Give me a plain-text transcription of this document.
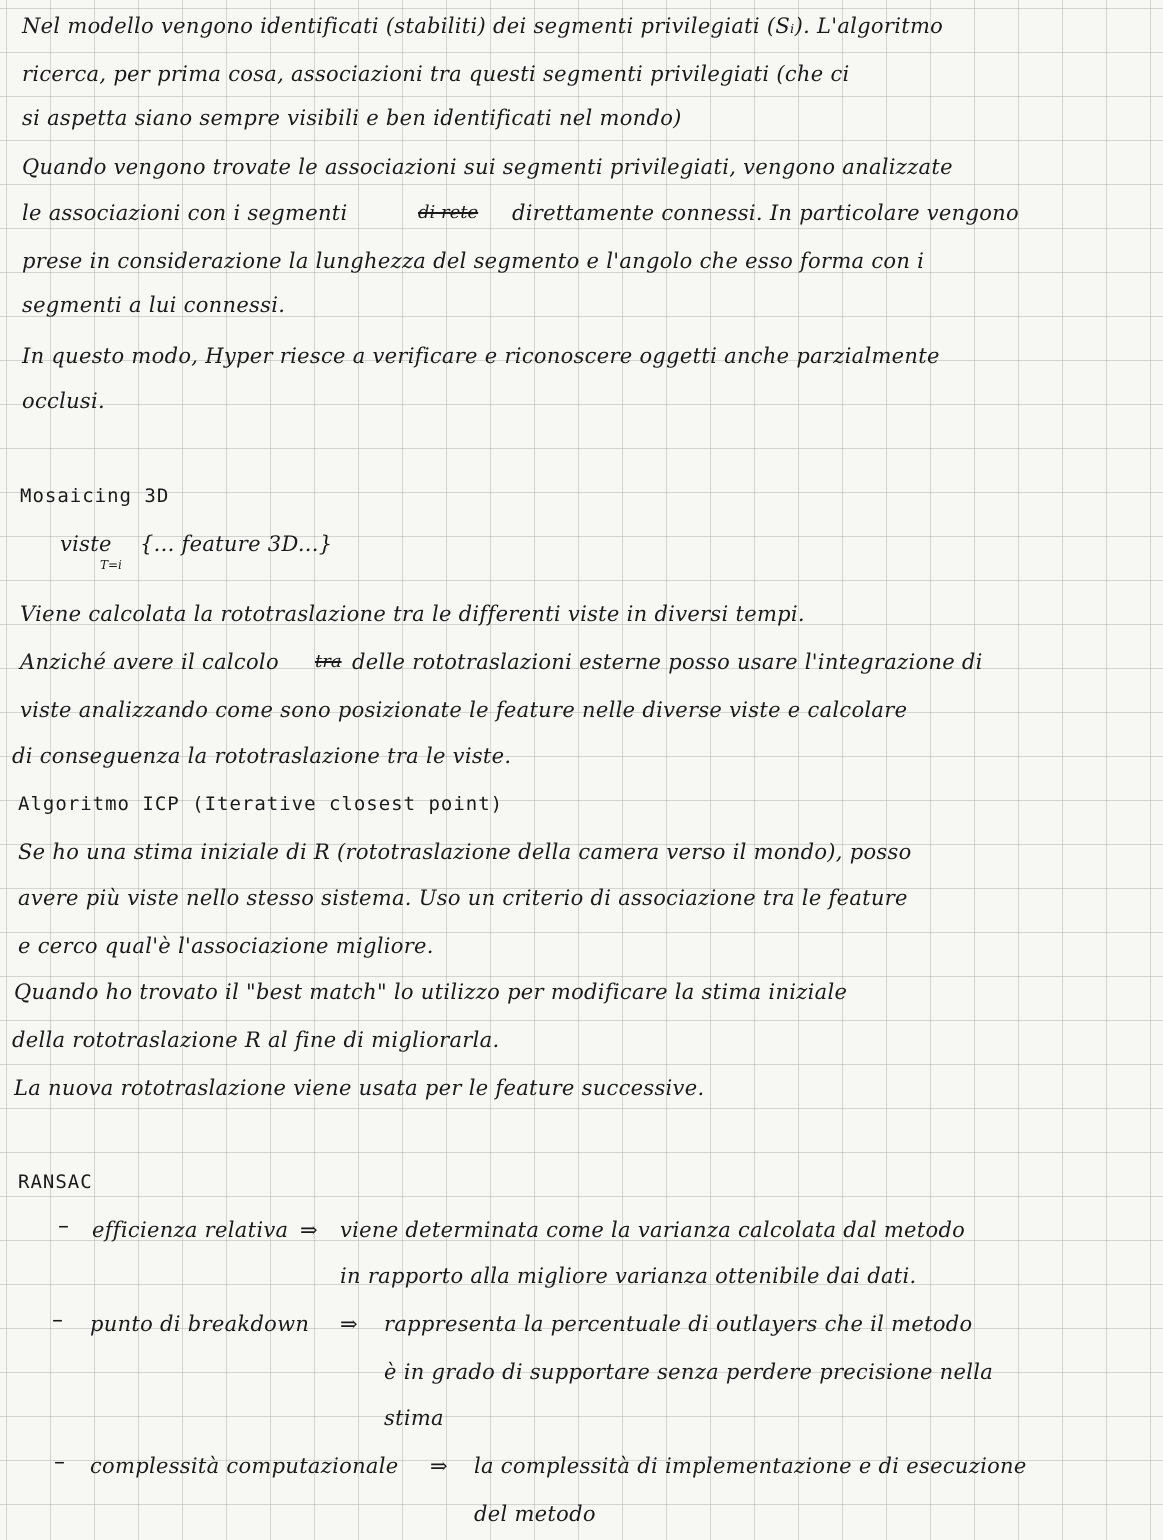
Nel modello vengono identificati (stabiliti) dei segmenti privilegiati (Sᵢ). L'algoritmo
ricerca, per prima cosa, associazioni tra questi segmenti privilegiati (che ci
si aspetta siano sempre visibili e ben identificati nel mondo)
Quando vengono trovate le associazioni sui segmenti privilegiati, vengono analizzate
le associazioni con i segmenti	di rete direttamente connessi. In particolare vengono
prese in considerazione la lunghezza del segmento e l'angolo che esso forma con i
segmenti a lui connessi.
In questo modo, Hyper riesce a verificare e riconoscere oggetti anche parzialmente
occlusi.
Mosaicing 3D
viste
T=i
{... feature 3D...}
Viene calcolata la rototraslazione tra le differenti viste in diversi tempi.
Anziché avere il calcolo tra delle rototraslazioni esterne posso usare l'integrazione di
viste analizzando come sono posizionate le feature nelle diverse viste e calcolare
di conseguenza la rototraslazione tra le viste.
Algoritmo ICP (Iterative closest point)
Se ho una stima iniziale di R (rototraslazione della camera verso il mondo), posso
avere più viste nello stesso sistema. Uso un criterio di associazione tra le feature
e cerco qual'è l'associazione migliore.
Quando ho trovato il "best match" lo utilizzo per modificare la stima iniziale
della rototraslazione R al fine di migliorarla.
La nuova rototraslazione viene usata per le feature successive.
RANSAC
– efficienza relativa ⇒ viene determinata come la varianza calcolata dal metodo
in rapporto alla migliore varianza ottenibile dai dati.
– punto di breakdown ⇒ rappresenta la percentuale di outlayers che il metodo
è in grado di supportare senza perdere precisione nella
stima
– complessità computazionale ⇒ la complessità di implementazione e di esecuzione
del metodo
